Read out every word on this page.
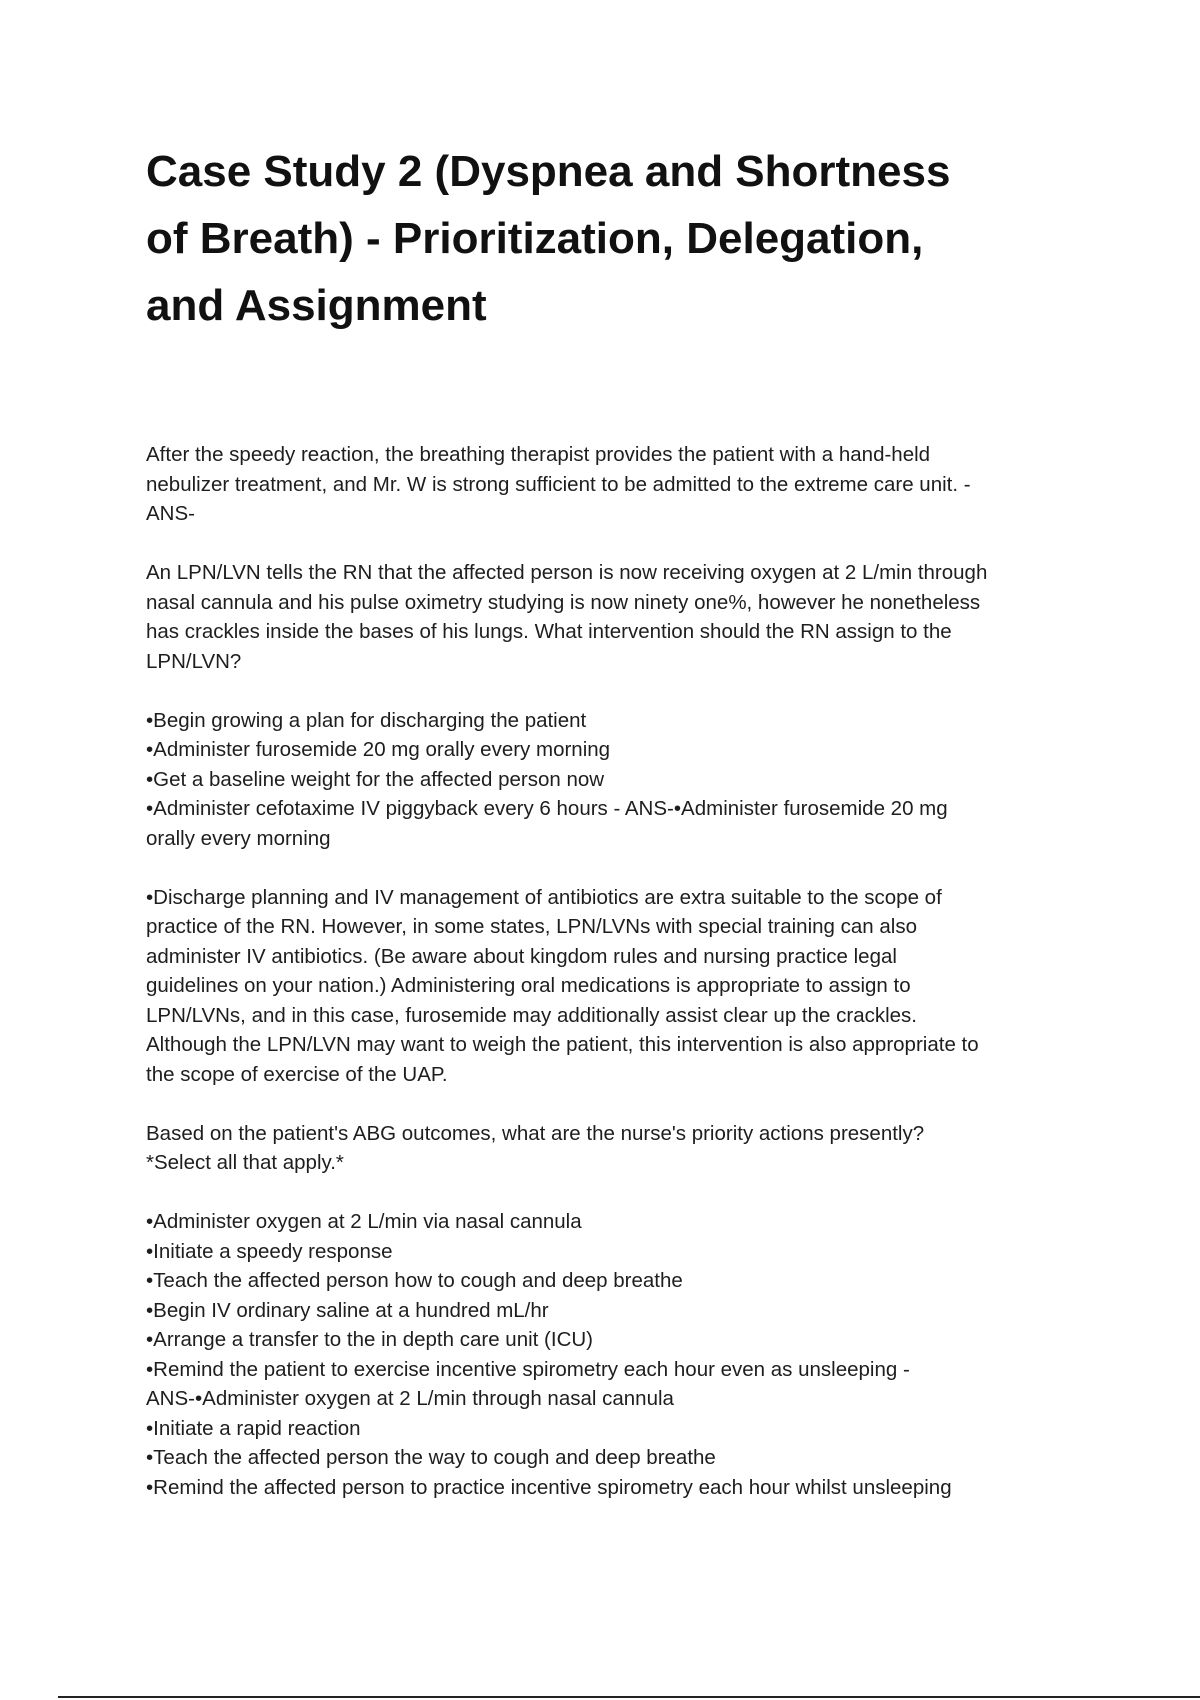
Case Study 2 (Dyspnea and Shortness
of Breath) - Prioritization, Delegation,
and Assignment

After the speedy reaction, the breathing therapist provides the patient with a hand-held
nebulizer treatment, and Mr. W is strong sufficient to be admitted to the extreme care unit. -
ANS-

An LPN/LVN tells the RN that the affected person is now receiving oxygen at 2 L/min through
nasal cannula and his pulse oximetry studying is now ninety one%, however he nonetheless
has crackles inside the bases of his lungs. What intervention should the RN assign to the
LPN/LVN?

•Begin growing a plan for discharging the patient
•Administer furosemide 20 mg orally every morning
•Get a baseline weight for the affected person now
•Administer cefotaxime IV piggyback every 6 hours - ANS-•Administer furosemide 20 mg
orally every morning

•Discharge planning and IV management of antibiotics are extra suitable to the scope of
practice of the RN. However, in some states, LPN/LVNs with special training can also
administer IV antibiotics. (Be aware about kingdom rules and nursing practice legal
guidelines on your nation.) Administering oral medications is appropriate to assign to
LPN/LVNs, and in this case, furosemide may additionally assist clear up the crackles.
Although the LPN/LVN may want to weigh the patient, this intervention is also appropriate to
the scope of exercise of the UAP.

Based on the patient's ABG outcomes, what are the nurse's priority actions presently?
*Select all that apply.*

•Administer oxygen at 2 L/min via nasal cannula
•Initiate a speedy response
•Teach the affected person how to cough and deep breathe
•Begin IV ordinary saline at a hundred mL/hr
•Arrange a transfer to the in depth care unit (ICU)
•Remind the patient to exercise incentive spirometry each hour even as unsleeping -
ANS-•Administer oxygen at 2 L/min through nasal cannula
•Initiate a rapid reaction
•Teach the affected person the way to cough and deep breathe
•Remind the affected person to practice incentive spirometry each hour whilst unsleeping
